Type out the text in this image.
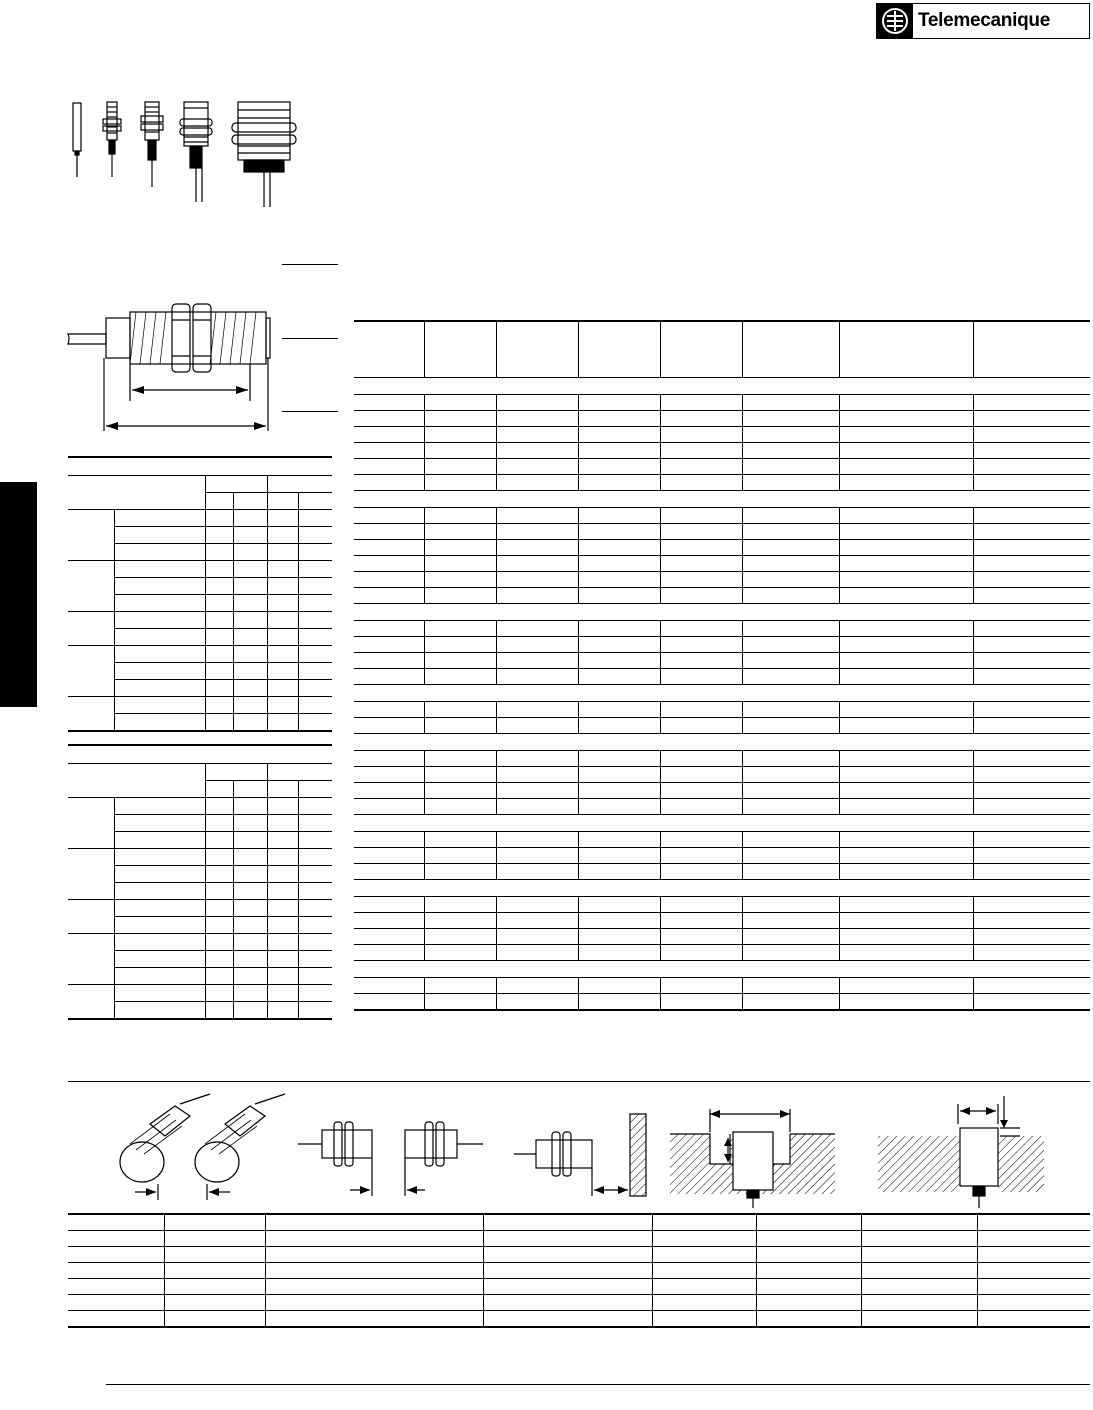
Telemecanique
